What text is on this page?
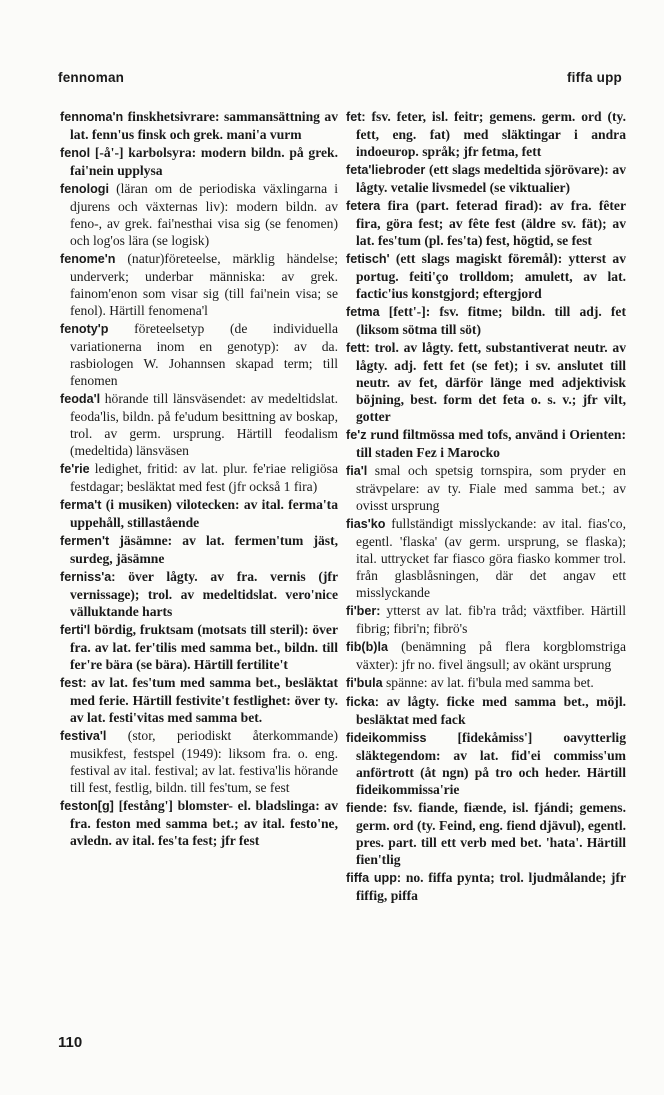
fennoman	fiffa upp

fennoma'n finskhetsivrare: sammansättning av lat. fenn'us finsk och grek. mani'a vurm

fenol [-å'-] karbolsyra: modern bildn. på grek. fai'nein upplysa

fenologi (läran om de periodiska växlingarna i djurens och växternas liv): modern bildn. av feno-, av grek. fai'nesthai visa sig (se fenomen) och log'os lära (se logisk)

fenome'n (natur)företeelse, märklig händelse; underverk; underbar människa: av grek. fainom'enon som visar sig (till fai'nein visa; se fenol). Härtill fenomena'l

fenoty'p företeelsetyp (de individuella variationerna inom en genotyp): av da. rasbiologen W. Johannsen skapad term; till fenomen

feoda'l hörande till länsväsendet: av medeltidslat. feoda'lis, bildn. på fe'udum besittning av boskap, trol. av germ. ursprung. Härtill feodalism (medeltida) länsväsen

fe'rie ledighet, fritid: av lat. plur. fe'riae religiösa festdagar; besläktat med fest (jfr också 1 fira)

ferma't (i musiken) vilotecken: av ital. ferma'ta uppehåll, stillastående

fermen't jäsämne: av lat. fermen'tum jäst, surdeg, jäsämne

ferniss'a: över lågty. av fra. vernis (jfr vernissage); trol. av medeltidslat. vero'nice välluktande harts

ferti'l bördig, fruktsam (motsats till steril): över fra. av lat. fer'tilis med samma bet., bildn. till fer're bära (se bära). Härtill fertilite't

fest: av lat. fes'tum med samma bet., besläktat med ferie. Härtill festivite't festlighet: över ty. av lat. festi'vitas med samma bet.

festiva'l (stor, periodiskt återkommande) musikfest, festspel (1949): liksom fra. o. eng. festival av ital. festival; av lat. festiva'lis hörande till fest, festlig, bildn. till fes'tum, se fest

feston[g] [festång'] blomster- el. bladslinga: av fra. feston med samma bet.; av ital. festo'ne, avledn. av ital. fes'ta fest; jfr fest

fet: fsv. feter, isl. feitr; gemens. germ. ord (ty. fett, eng. fat) med släktingar i andra indoeurop. språk; jfr fetma, fett

feta'liebroder (ett slags medeltida sjörövare): av lågty. vetalie livsmedel (se viktualier)

fetera fira (part. feterad firad): av fra. fêter fira, göra fest; av fête fest (äldre sv. fät); av lat. fes'tum (pl. fes'ta) fest, högtid, se fest

fetisch' (ett slags magiskt föremål): ytterst av portug. feiti'ço trolldom; amulett, av lat. factic'ius konstgjord; eftergjord

fetma [fett'-]: fsv. fitme; bildn. till adj. fet (liksom sötma till söt)

fett: trol. av lågty. fett, substantiverat neutr. av lågty. adj. fett fet (se fet); i sv. anslutet till neutr. av fet, därför länge med adjektivisk böjning, best. form det feta o. s. v.; jfr vilt, gotter

fe'z rund filtmössa med tofs, använd i Orienten: till staden Fez i Marocko

fia'l smal och spetsig tornspira, som pryder en strävpelare: av ty. Fiale med samma bet.; av ovisst ursprung

fias'ko fullständigt misslyckande: av ital. fias'co, egentl. 'flaska' (av germ. ursprung, se flaska); ital. uttrycket far fiasco göra fiasko kommer trol. från glasblåsningen, där det angav ett misslyckande

fi'ber: ytterst av lat. fib'ra tråd; växtfiber. Härtill fibrig; fibri'n; fibrö's

fib(b)la (benämning på flera korgblomstriga växter): jfr no. fivel ängsull; av okänt ursprung

fi'bula spänne: av lat. fi'bula med samma bet.

ficka: av lågty. ficke med samma bet., möjl. besläktat med fack

fideikommiss [fidekåmiss'] oavytterlig släktegendom: av lat. fid'ei commiss'um anförtrott (åt ngn) på tro och heder. Härtill fideikommissa'rie

fiende: fsv. fiande, fiænde, isl. fjándi; gemens. germ. ord (ty. Feind, eng. fiend djävul), egentl. pres. part. till ett verb med bet. 'hata'. Härtill fien'tlig

fiffa upp: no. fiffa pynta; trol. ljudmålande; jfr fiffig, piffa

110
